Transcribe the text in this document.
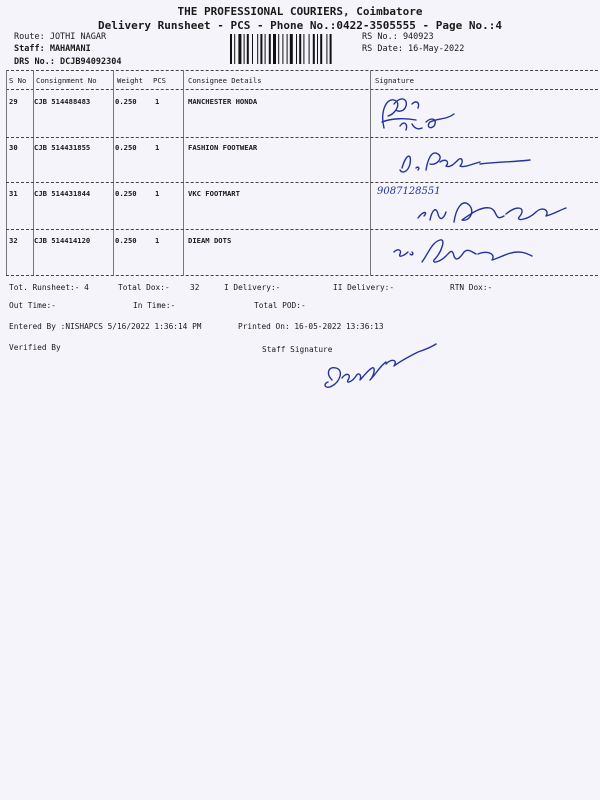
THE PROFESSIONAL COURIERS, Coimbatore
Delivery Runsheet - PCS - Phone No.:0422-3505555 - Page No.:4
Route: JOTHI NAGAR
Staff: MAHAMANI
DRS No.: DCJB94092304
RS No.: 940923
RS Date: 16-May-2022
S No Consignment No	Weight PCS	Consignee Details	Signature
29 CJB 514488483	0.250	1	MANCHESTER HONDA
30 CJB 514431855	0.250	1	FASHION FOOTWEAR
31 CJB 514431844	0.250	1	VKC FOOTMART
32 CJB 514414120	0.250	1	DIEAM DOTS
9087128551
Tot. Runsheet:- 4	Total Dox:-	32	I Delivery:-	II Delivery:-	RTN Dox:-
Out Time:-	In Time:-	Total POD:-
Entered By :NISHAPCS 5/16/2022 1:36:14 PM	Printed On: 16-05-2022 13:36:13
Verified By	Staff Signature
